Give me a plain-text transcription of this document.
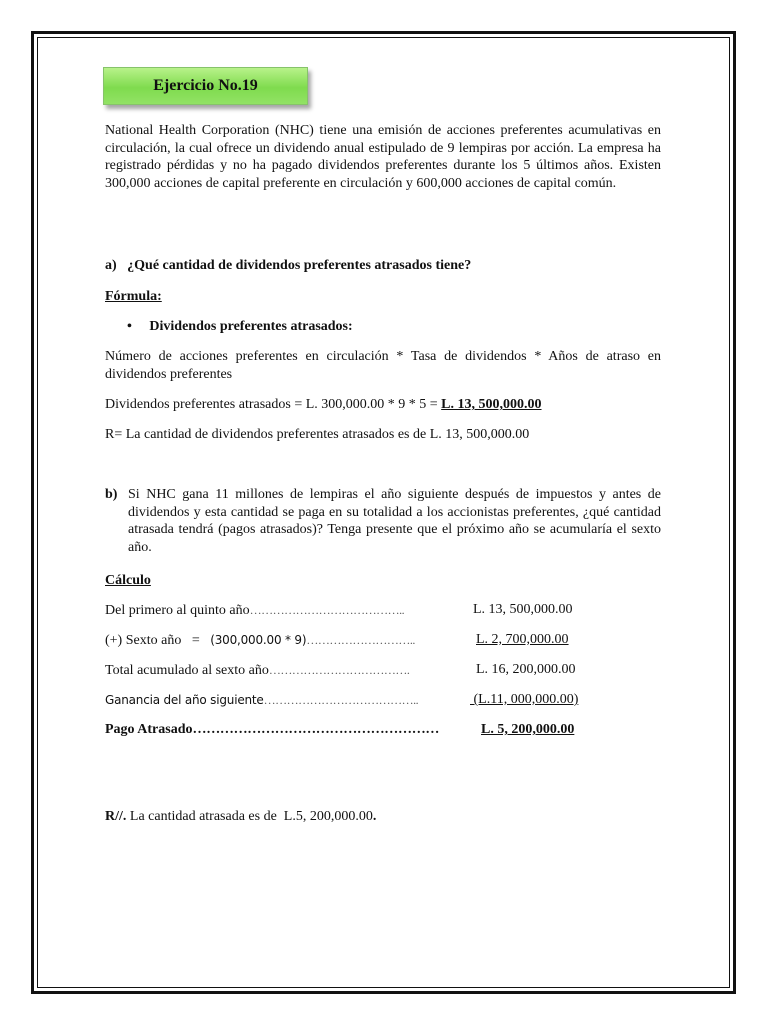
Ejercicio No.19
National Health Corporation (NHC) tiene una emisión de acciones preferentes acumulativas en circulación, la cual ofrece un dividendo anual estipulado de 9 lempiras por acción. La empresa ha registrado pérdidas y no ha pagado dividendos preferentes durante los 5 últimos años. Existen 300,000 acciones de capital preferente en circulación y 600,000 acciones de capital común.
a) ¿Qué cantidad de dividendos preferentes atrasados tiene?
Fórmula:
• Dividendos preferentes atrasados:
Número de acciones preferentes en circulación * Tasa de dividendos * Años de atraso en dividendos preferentes
Dividendos preferentes atrasados = L. 300,000.00 * 9 * 5 = L. 13, 500,000.00
R= La cantidad de dividendos preferentes atrasados es de L. 13, 500,000.00
b) Si NHC gana 11 millones de lempiras el año siguiente después de impuestos y antes de dividendos y esta cantidad se paga en su totalidad a los accionistas preferentes, ¿qué cantidad atrasada tendrá (pagos atrasados)? Tenga presente que el próximo año se acumularía el sexto año.
Cálculo
Del primero al quinto año…………………………………..	L. 13, 500,000.00
(+) Sexto año   =   (300,000.00 * 9)………………………..	L. 2, 700,000.00
Total acumulado al sexto año……………………………….	L. 16, 200,000.00
Ganancia del año siguiente…………………………………..	(L.11, 000,000.00)
Pago Atrasado………………………………………………	L. 5, 200,000.00
R//. La cantidad atrasada es de  L.5, 200,000.00.
